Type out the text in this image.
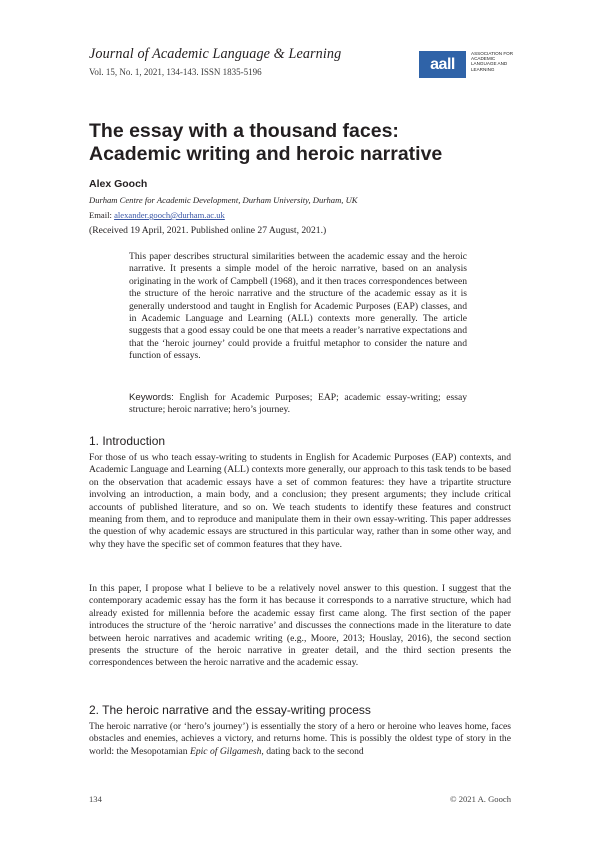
Journal of Academic Language & Learning
Vol. 15, No. 1, 2021, 134-143. ISSN 1835-5196	aall
ASSOCIATION FOR ACADEMIC LANGUAGE AND LEARNING
The essay with a thousand faces:
Academic writing and heroic narrative
Alex Gooch
Durham Centre for Academic Development, Durham University, Durham, UK
Email: alexander.gooch@durham.ac.uk
(Received 19 April, 2021. Published online 27 August, 2021.)

This paper describes structural similarities between the academic essay and the heroic narrative. It presents a simple model of the heroic narrative, based on an analysis originating in the work of Campbell (1968), and it then traces correspondences between the structure of the heroic narrative and the structure of the academic essay as it is generally understood and taught in English for Academic Purposes (EAP) classes, and in Academic Language and Learning (ALL) contexts more generally. The article suggests that a good essay could be one that meets a reader’s narrative expectations and that the ‘heroic journey’ could provide a fruitful metaphor to consider the nature and function of essays.

Keywords: English for Academic Purposes; EAP; academic essay-writing; essay structure; heroic narrative; hero’s journey.

1. Introduction

For those of us who teach essay-writing to students in English for Academic Purposes (EAP) contexts, and Academic Language and Learning (ALL) contexts more generally, our approach to this task tends to be based on the observation that academic essays have a set of common features: they have a tripartite structure involving an introduction, a main body, and a conclusion; they present arguments; they include critical accounts of published literature, and so on. We teach students to identify these features and construct meaning from them, and to reproduce and manipulate them in their own essay-writing. This paper addresses the question of why academic essays are structured in this particular way, rather than in some other way, and why they have the specific set of common features that they have.

In this paper, I propose what I believe to be a relatively novel answer to this question. I suggest that the contemporary academic essay has the form it has because it corresponds to a narrative structure, which had already existed for millennia before the academic essay first came along. The first section of the paper introduces the structure of the ‘heroic narrative’ and discusses the connections made in the literature to date between heroic narratives and academic writing (e.g., Moore, 2013; Houslay, 2016), the second section presents the structure of the heroic narrative in greater detail, and the third section presents the correspondences between the heroic narrative and the academic essay.

2. The heroic narrative and the essay-writing process

The heroic narrative (or ‘hero’s journey’) is essentially the story of a hero or heroine who leaves home, faces obstacles and enemies, achieves a victory, and returns home. This is possibly the oldest type of story in the world: the Mesopotamian Epic of Gilgamesh, dating back to the second

134	© 2021 A. Gooch
